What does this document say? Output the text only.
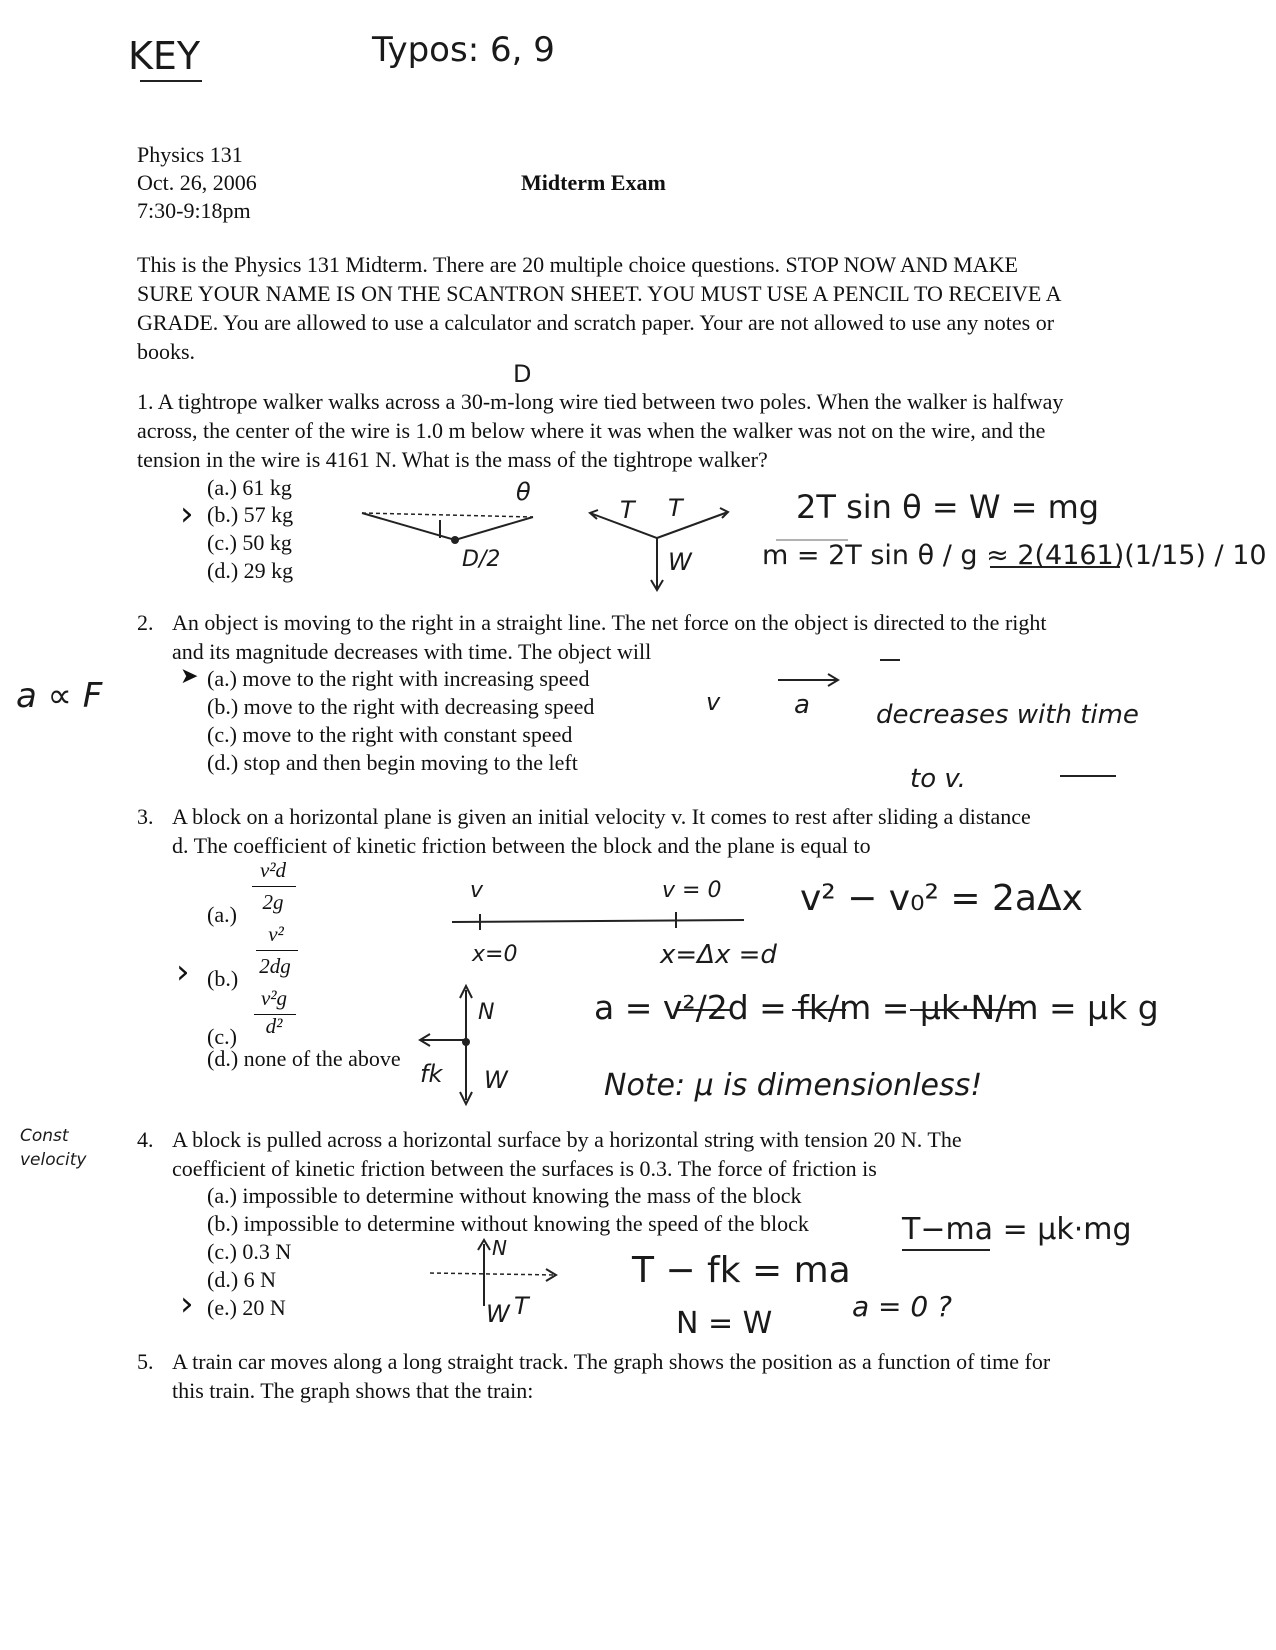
KEY	Typos: 6, 9
Physics 131
Oct. 26, 2006
7:30-9:18pm
Midterm Exam
This is the Physics 131 Midterm. There are 20 multiple choice questions. STOP NOW AND MAKE SURE YOUR NAME IS ON THE SCANTRON SHEET. YOU MUST USE A PENCIL TO RECEIVE A GRADE. You are allowed to use a calculator and scratch paper. Your are not allowed to use any notes or books.
D
1. A tightrope walker walks across a 30-m-long wire tied between two poles. When the walker is halfway across, the center of the wire is 1.0 m below where it was when the walker was not on the wire, and the tension in the wire is 4161 N. What is the mass of the tightrope walker?
(a.) 61 kg
› (b.) 57 kg
(c.) 50 kg
(d.) 29 kg
θ
D/2
T T
W
2T sin θ = W = mg
m = 2T sin θ / g ≈ 2(4161)(1/15) / 10
2. An object is moving to the right in a straight line. The net force on the object is directed to the right and its magnitude decreases with time. The object will
➤ (a.) move to the right with increasing speed
(b.) move to the right with decreasing speed
(c.) move to the right with constant speed
(d.) stop and then begin moving to the left
a ∝ F	v	a	decreases with time
to v.
3. A block on a horizontal plane is given an initial velocity v. It comes to rest after sliding a distance d. The coefficient of kinetic friction between the block and the plane is equal to
(a.)
v²d
2g
› (b.)
v²
2dg
(c.)
v²g
d²
(d.) none of the above
v	v = 0
x=0	x=Δx =d
v² − v₀² = 2aΔx
a = v²/2d = fk/m = μk·N/m = μk g
N
W
fk	Note: μ is dimensionless!
Const velocity
4. A block is pulled across a horizontal surface by a horizontal string with tension 20 N. The coefficient of kinetic friction between the surfaces is 0.3. The force of friction is
(a.) impossible to determine without knowing the mass of the block
(b.) impossible to determine without knowing the speed of the block
(c.) 0.3 N
(d.) 6 N
› (e.) 20 N
N
W T
T − fk = ma
N = W	a = 0 ?
T−ma = μk·mg
5. A train car moves along a long straight track. The graph shows the position as a function of time for this train. The graph shows that the train:
